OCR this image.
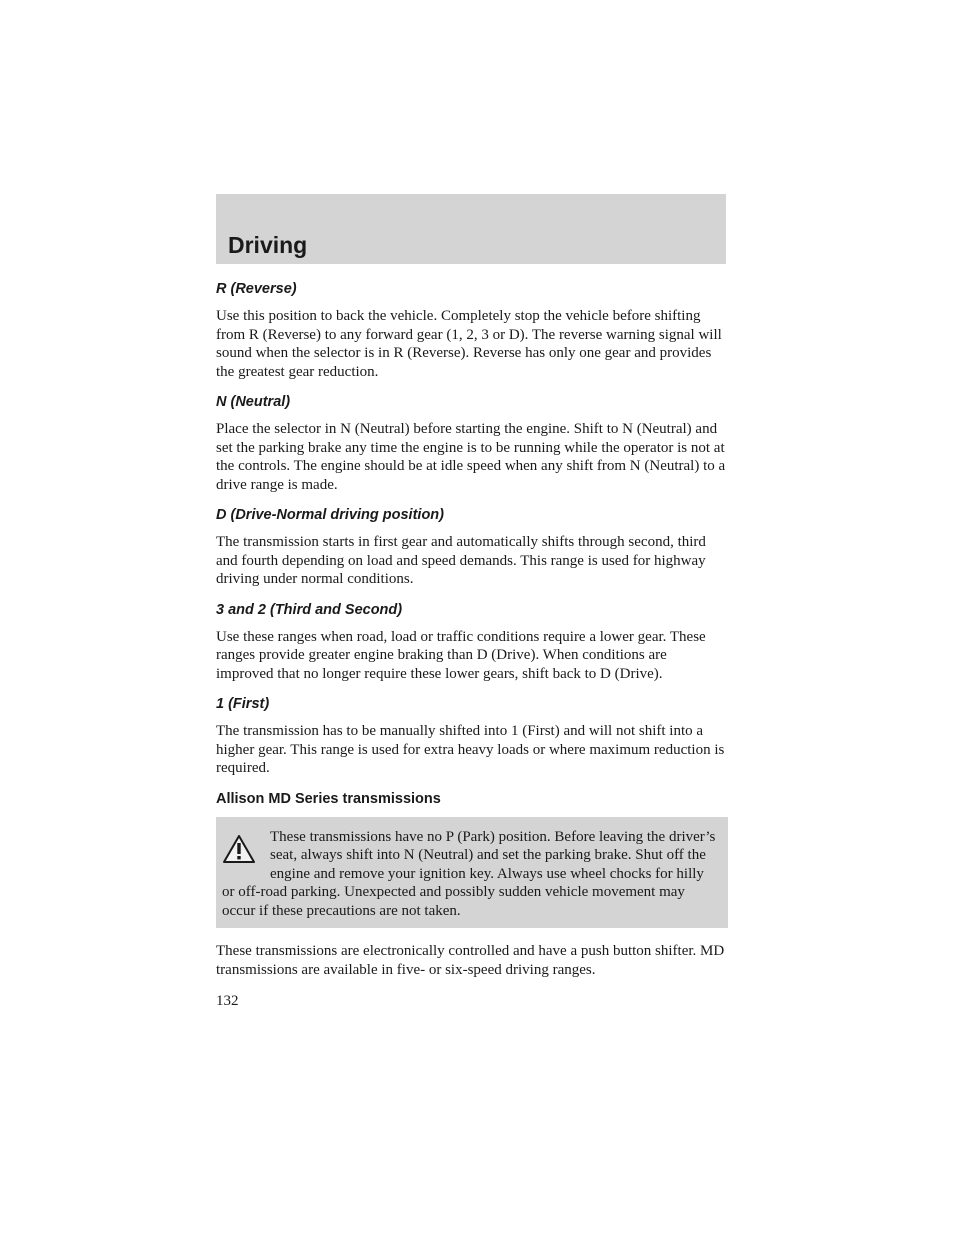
Driving
R (Reverse)

Use this position to back the vehicle. Completely stop the vehicle before shifting from R (Reverse) to any forward gear (1, 2, 3 or D). The reverse warning signal will sound when the selector is in R (Reverse). Reverse has only one gear and provides the greatest gear reduction.

N (Neutral)

Place the selector in N (Neutral) before starting the engine. Shift to N (Neutral) and set the parking brake any time the engine is to be running while the operator is not at the controls. The engine should be at idle speed when any shift from N (Neutral) to a drive range is made.

D (Drive-Normal driving position)

The transmission starts in first gear and automatically shifts through second, third and fourth depending on load and speed demands. This range is used for highway driving under normal conditions.

3 and 2 (Third and Second)

Use these ranges when road, load or traffic conditions require a lower gear. These ranges provide greater engine braking than D (Drive). When conditions are improved that no longer require these lower gears, shift back to D (Drive).

1 (First)

The transmission has to be manually shifted into 1 (First) and will not shift into a higher gear. This range is used for extra heavy loads or where maximum reduction is required.

Allison MD Series transmissions

These transmissions have no P (Park) position. Before leaving the driver’s seat, always shift into N (Neutral) and set the parking brake. Shut off the engine and remove your ignition key. Always use wheel chocks for hilly or off-road parking. Unexpected and possibly sudden vehicle movement may occur if these precautions are not taken.

These transmissions are electronically controlled and have a push button shifter. MD transmissions are available in five- or six-speed driving ranges.

132
